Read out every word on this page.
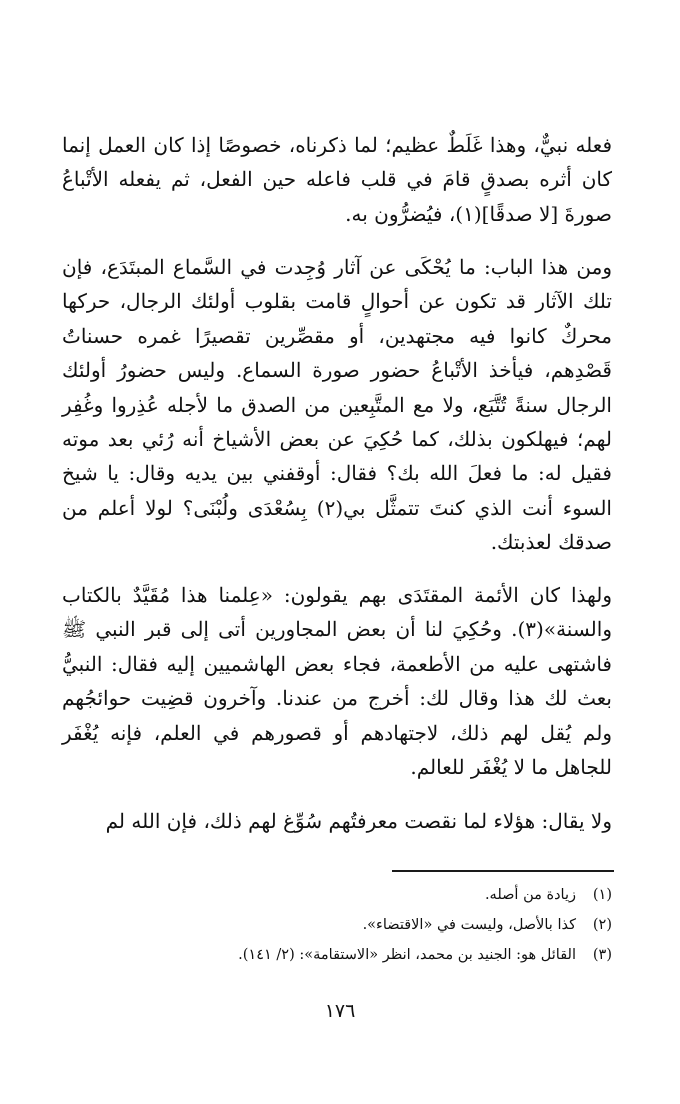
فعله نبيٌّ، وهذا غَلَطٌ عظيم؛ لما ذكرناه، خصوصًا إذا كان العمل إنما كان أثره بصدقٍ قامَ في قلب فاعله حين الفعل، ثم يفعله الأتْباعُ صورةَ [لا صدقًا](١)، فيُضرُّون به.

ومن هذا الباب: ما يُحْكَى عن آثار وُجِدت في السَّماع المبتَدَع، فإن تلك الآثار قد تكون عن أحوالٍ قامت بقلوب أولئك الرجال، حركها محركٌ كانوا فيه مجتهدين، أو مقصِّرين تقصيرًا غمره حسناتُ قَصْدِهم، فيأخذ الأتْباعُ حضور صورة السماع. وليس حضورُ أولئك الرجال سنةً تُتَّبَع، ولا مع المتَّبِعين من الصدق ما لأجله عُذِروا وغُفِر لهم؛ فيهلكون بذلك، كما حُكِيَ عن بعض الأشياخ أنه رُئي بعد موته فقيل له: ما فعلَ الله بك؟ فقال: أوقفني بين يديه وقال: يا شيخ السوء أنت الذي كنتَ تتمثَّل بي(٢) بِسُعْدَى ولُبْنَى؟ لولا أعلم من صدقك لعذبتك.

ولهذا كان الأئمة المقتَدَى بهم يقولون: «عِلمنا هذا مُقَيَّدٌ بالكتاب والسنة»(٣). وحُكِيَ لنا أن بعض المجاورين أتى إلى قبر النبي ﷺ فاشتهى عليه من الأطعمة، فجاء بعض الهاشميين إليه فقال: النبيُّ بعث لك هذا وقال لك: أخرج من عندنا. وآخرون قضِيت حوائجُهم ولم يُقل لهم ذلك، لاجتهادهم أو قصورهم في العلم، فإنه يُغْفَر للجاهل ما لا يُغْفَر للعالم.

ولا يقال: هؤلاء لما نقصت معرفتُهم سُوِّغ لهم ذلك، فإن الله لم

(١)
زيادة من أصله.
(٢)
كذا بالأصل، وليست في «الاقتضاء».
(٣)
القائل هو: الجنيد بن محمد، انظر «الاستقامة»: (٢/ ١٤١).
١٧٦
